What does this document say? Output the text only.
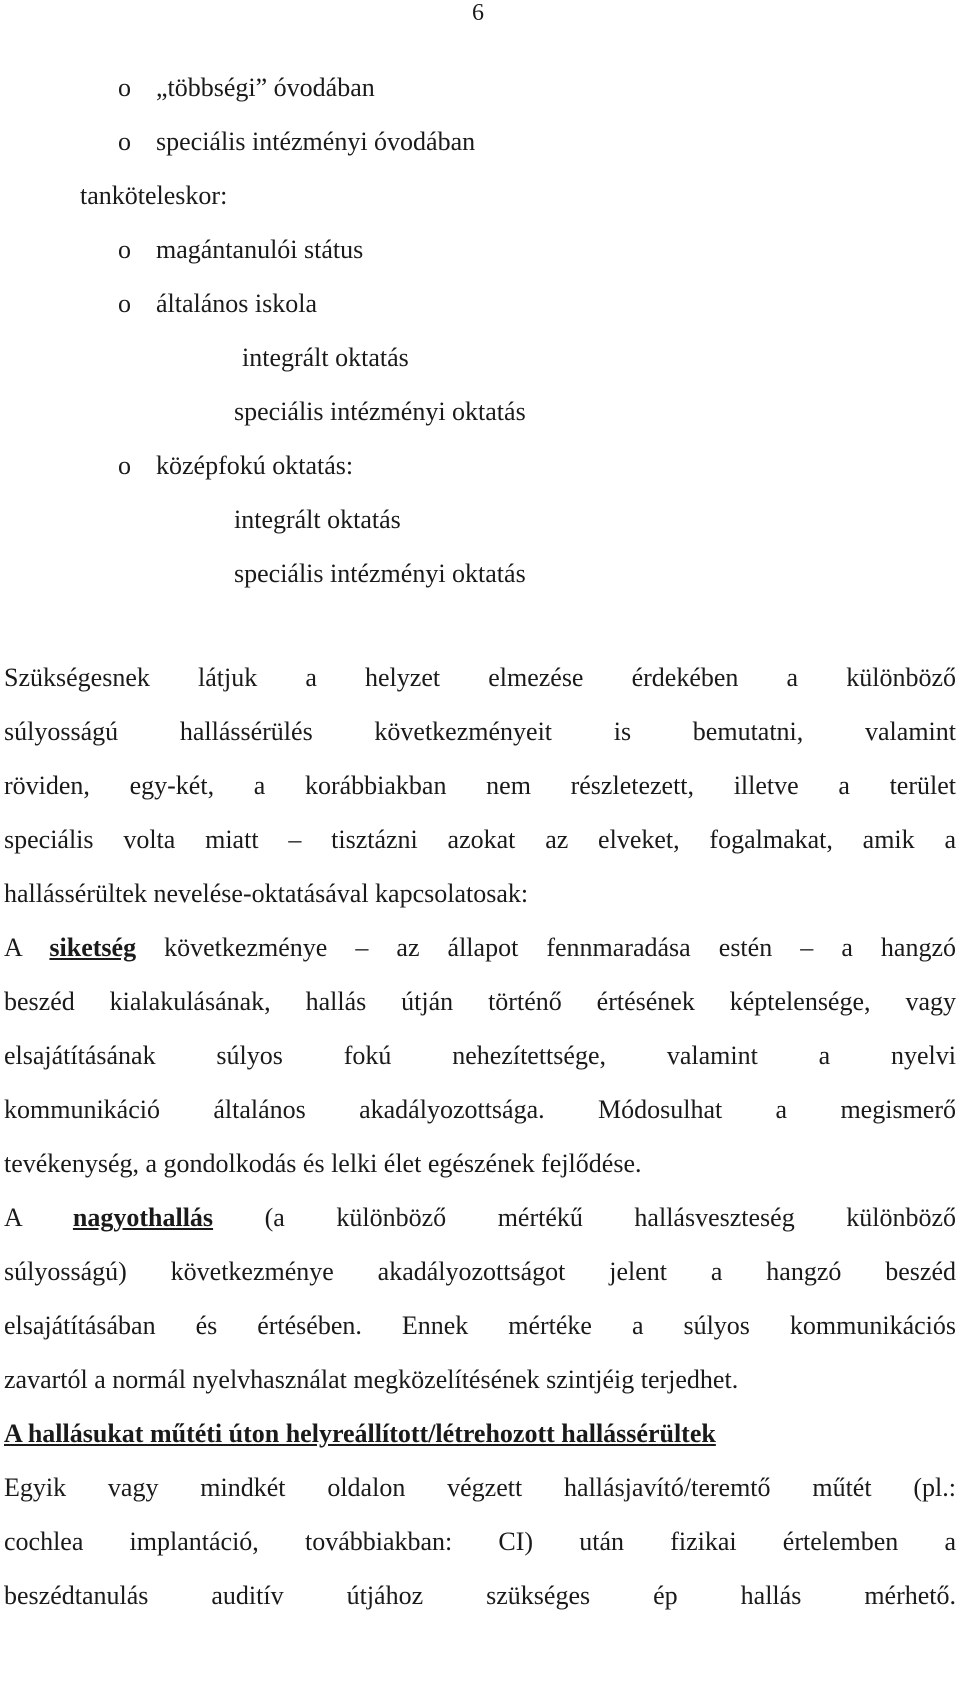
6
o „többségi” óvodában
o speciális intézményi óvodában
tanköteleskor:
o magántanulói státus
o általános iskola
integrált oktatás
speciális intézményi oktatás
o középfokú oktatás:
integrált oktatás
speciális intézményi oktatás
Szükségesnek látjuk a helyzet elmezése érdekében a különböző
súlyosságú hallássérülés következményeit is bemutatni, valamint
röviden, egy-két, a korábbiakban nem részletezett, illetve a terület
speciális volta miatt – tisztázni azokat az elveket, fogalmakat, amik a
hallássérültek nevelése-oktatásával kapcsolatosak:
A siketség következménye – az állapot fennmaradása estén – a hangzó
beszéd kialakulásának, hallás útján történő értésének képtelensége, vagy
elsajátításának súlyos fokú nehezítettsége, valamint a nyelvi
kommunikáció általános akadályozottsága. Módosulhat a megismerő
tevékenység, a gondolkodás és lelki élet egészének fejlődése.
A nagyothallás (a különböző mértékű hallásveszteség különböző
súlyosságú) következménye akadályozottságot jelent a hangzó beszéd
elsajátításában és értésében. Ennek mértéke a súlyos kommunikációs
zavartól a normál nyelvhasználat megközelítésének szintjéig terjedhet.
A hallásukat műtéti úton helyreállított/létrehozott hallássérültek
Egyik vagy mindkét oldalon végzett hallásjavító/teremtő műtét (pl.:
cochlea implantáció, továbbiakban: CI) után fizikai értelemben a
beszédtanulás auditív útjához szükséges ép hallás mérhető.
